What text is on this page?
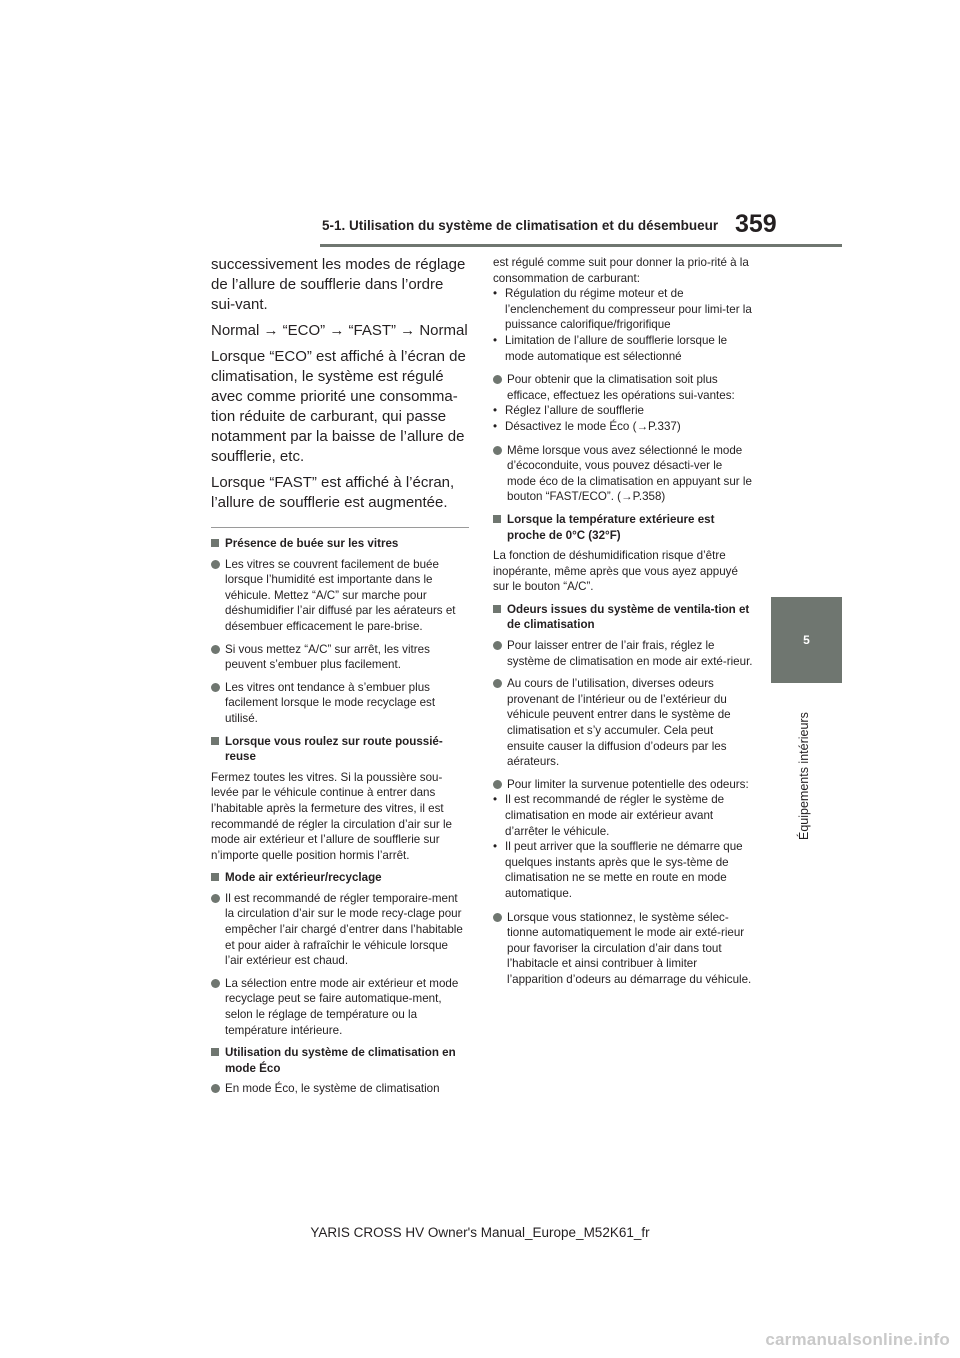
5-1. Utilisation du système de climatisation et du désembueur 359
5
Équipements intérieurs

successivement les modes de réglage de l’allure de soufflerie dans l’ordre sui-vant.

Normal → “ECO” → “FAST” → Normal

Lorsque “ECO” est affiché à l’écran de climatisation, le système est régulé avec comme priorité une consomma-tion réduite de carburant, qui passe notamment par la baisse de l’allure de soufflerie, etc.

Lorsque “FAST” est affiché à l’écran, l’allure de soufflerie est augmentée.

Présence de buée sur les vitres
Les vitres se couvrent facilement de buée lorsque l’humidité est importante dans le véhicule. Mettez “A/C” sur marche pour déshumidifier l’air diffusé par les aérateurs et désembuer efficacement le pare-brise.
Si vous mettez “A/C” sur arrêt, les vitres peuvent s’embuer plus facilement.
Les vitres ont tendance à s’embuer plus facilement lorsque le mode recyclage est utilisé.
Lorsque vous roulez sur route poussié-reuse

Fermez toutes les vitres. Si la poussière sou-levée par le véhicule continue à entrer dans l’habitable après la fermeture des vitres, il est recommandé de régler la circulation d’air sur le mode air extérieur et l’allure de soufflerie sur n’importe quelle position hormis l’arrêt.

Mode air extérieur/recyclage
Il est recommandé de régler temporaire-ment la circulation d’air sur le mode recy-clage pour empêcher l’air chargé d’entrer dans l’habitable et pour aider à rafraîchir le véhicule lorsque l’air extérieur est chaud.
La sélection entre mode air extérieur et mode recyclage peut se faire automatique-ment, selon le réglage de température ou la température intérieure.
Utilisation du système de climatisation en mode Éco
En mode Éco, le système de climatisation

est régulé comme suit pour donner la prio-rité à la consommation de carburant:

• Régulation du régime moteur et de l’enclenchement du compresseur pour limi-ter la puissance calorifique/frigorifique
• Limitation de l’allure de soufflerie lorsque le mode automatique est sélectionné
Pour obtenir que la climatisation soit plus efficace, effectuez les opérations sui-vantes:
• Réglez l’allure de soufflerie
• Désactivez le mode Éco (→P.337)
Même lorsque vous avez sélectionné le mode d’écoconduite, vous pouvez désacti-ver le mode éco de la climatisation en appuyant sur le bouton “FAST/ECO”. (→P.358)
Lorsque la température extérieure est proche de 0°C (32°F)

La fonction de déshumidification risque d’être inopérante, même après que vous ayez appuyé sur le bouton “A/C”.

Odeurs issues du système de ventila-tion et de climatisation
Pour laisser entrer de l’air frais, réglez le système de climatisation en mode air exté-rieur.
Au cours de l’utilisation, diverses odeurs provenant de l’intérieur ou de l’extérieur du véhicule peuvent entrer dans le système de climatisation et s’y accumuler. Cela peut ensuite causer la diffusion d’odeurs par les aérateurs.
Pour limiter la survenue potentielle des odeurs:
• Il est recommandé de régler le système de climatisation en mode air extérieur avant d’arrêter le véhicule.
• Il peut arriver que la soufflerie ne démarre que quelques instants après que le sys-tème de climatisation ne se mette en route en mode automatique.
Lorsque vous stationnez, le système sélec-tionne automatiquement le mode air exté-rieur pour favoriser la circulation d’air dans tout l’habitacle et ainsi contribuer à limiter l’apparition d’odeurs au démarrage du véhicule.
YARIS CROSS HV Owner's Manual_Europe_M52K61_fr
carmanualsonline.info
